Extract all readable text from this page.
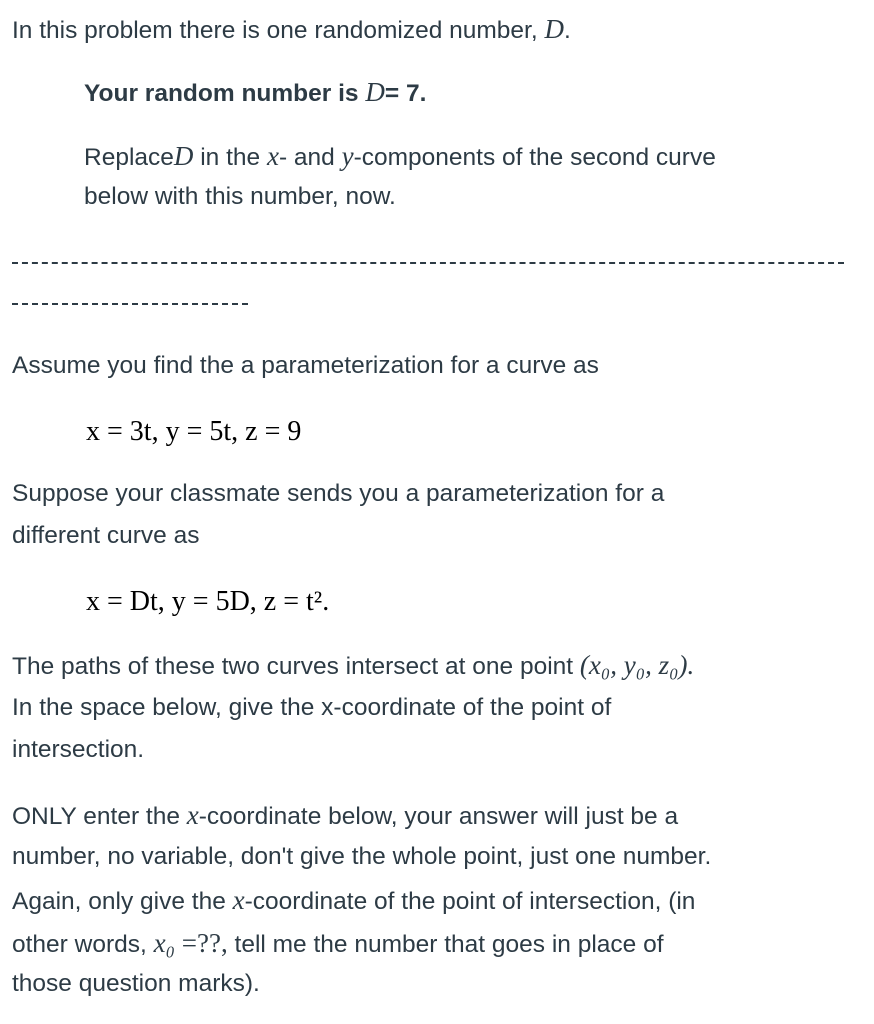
In this problem there is one randomized number, D.
Your random number is D= 7.
ReplaceD in the x- and y-components of the second curve
below with this number, now.
Assume you find the a parameterization for a curve as
x = 3t, y = 5t, z = 9
Suppose your classmate sends you a parameterization for a
different curve as
x = Dt, y = 5D, z = t².
The paths of these two curves intersect at one point (x₀, y₀, z₀).
In the space below, give the x-coordinate of the point of
intersection.
ONLY enter the x-coordinate below, your answer will just be a
number, no variable, don't give the whole point, just one number.
Again, only give the x-coordinate of the point of intersection, (in
other words, x₀ =??, tell me the number that goes in place of
those question marks).
